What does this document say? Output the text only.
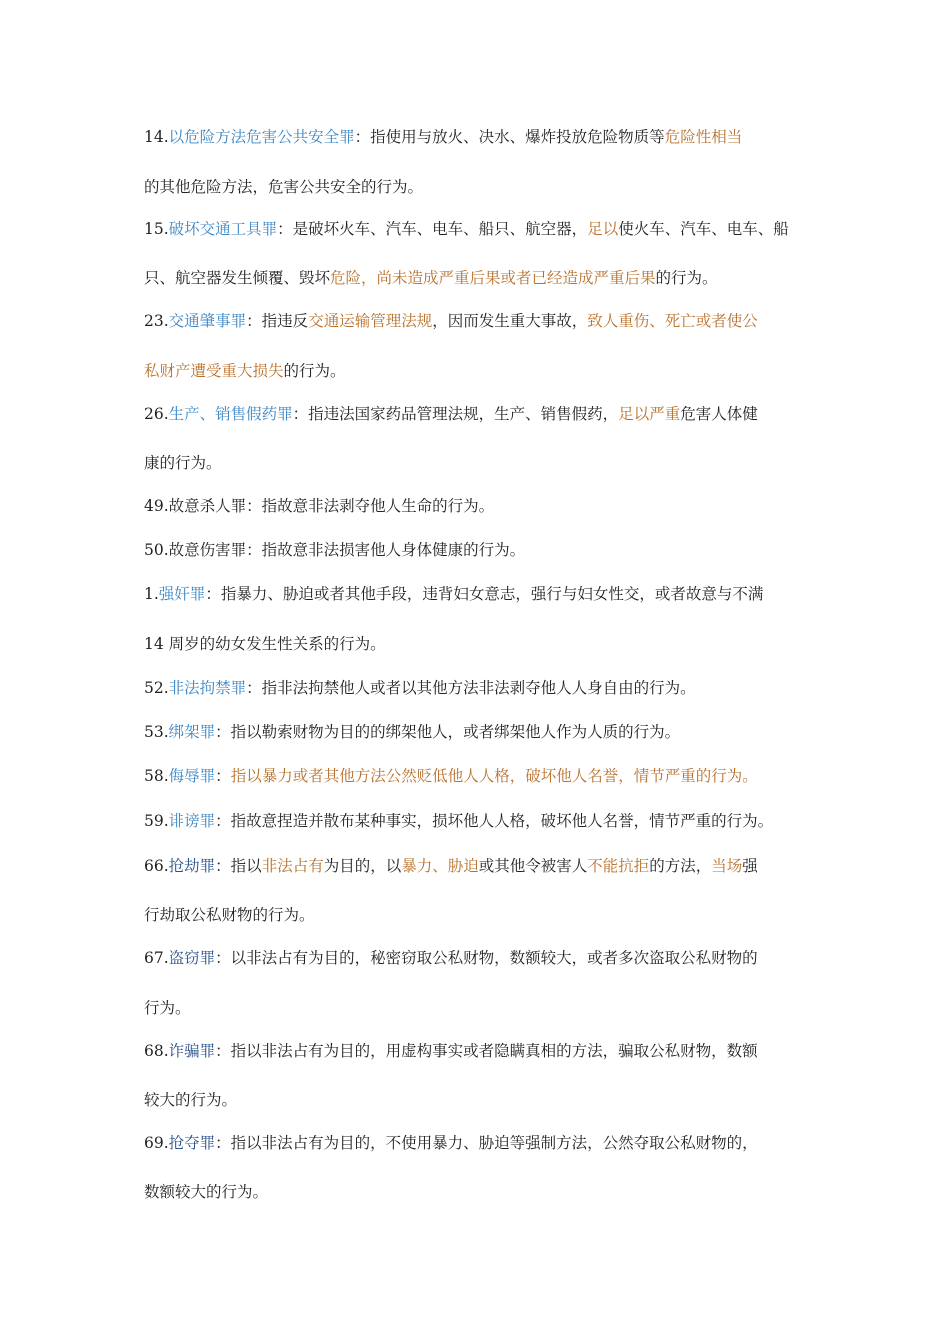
14.以危险方法危害公共安全罪：指使用与放火、决水、爆炸投放危险物质等危险性相当
的其他危险方法，危害公共安全的行为。
15.破坏交通工具罪：是破坏火车、汽车、电车、船只、航空器，足以使火车、汽车、电车、船
只、航空器发生倾覆、毁坏危险，尚未造成严重后果或者已经造成严重后果的行为。
23.交通肇事罪：指违反交通运输管理法规，因而发生重大事故，致人重伤、死亡或者使公
私财产遭受重大损失的行为。
26.生产、销售假药罪：指违法国家药品管理法规，生产、销售假药，足以严重危害人体健
康的行为。
49.故意杀人罪：指故意非法剥夺他人生命的行为。
50.故意伤害罪：指故意非法损害他人身体健康的行为。
1.强奸罪：指暴力、胁迫或者其他手段，违背妇女意志，强行与妇女性交，或者故意与不满
14 周岁的幼女发生性关系的行为。
52.非法拘禁罪：指非法拘禁他人或者以其他方法非法剥夺他人人身自由的行为。
53.绑架罪：指以勒索财物为目的的绑架他人，或者绑架他人作为人质的行为。
58.侮辱罪：指以暴力或者其他方法公然贬低他人人格，破坏他人名誉，情节严重的行为。
59.诽谤罪：指故意捏造并散布某种事实，损坏他人人格，破坏他人名誉，情节严重的行为。
66.抢劫罪：指以非法占有为目的，以暴力、胁迫或其他令被害人不能抗拒的方法，当场强
行劫取公私财物的行为。
67.盗窃罪：以非法占有为目的，秘密窃取公私财物，数额较大，或者多次盗取公私财物的
行为。
68.诈骗罪：指以非法占有为目的，用虚构事实或者隐瞒真相的方法，骗取公私财物，数额
较大的行为。
69.抢夺罪：指以非法占有为目的，不使用暴力、胁迫等强制方法，公然夺取公私财物的，
数额较大的行为。
